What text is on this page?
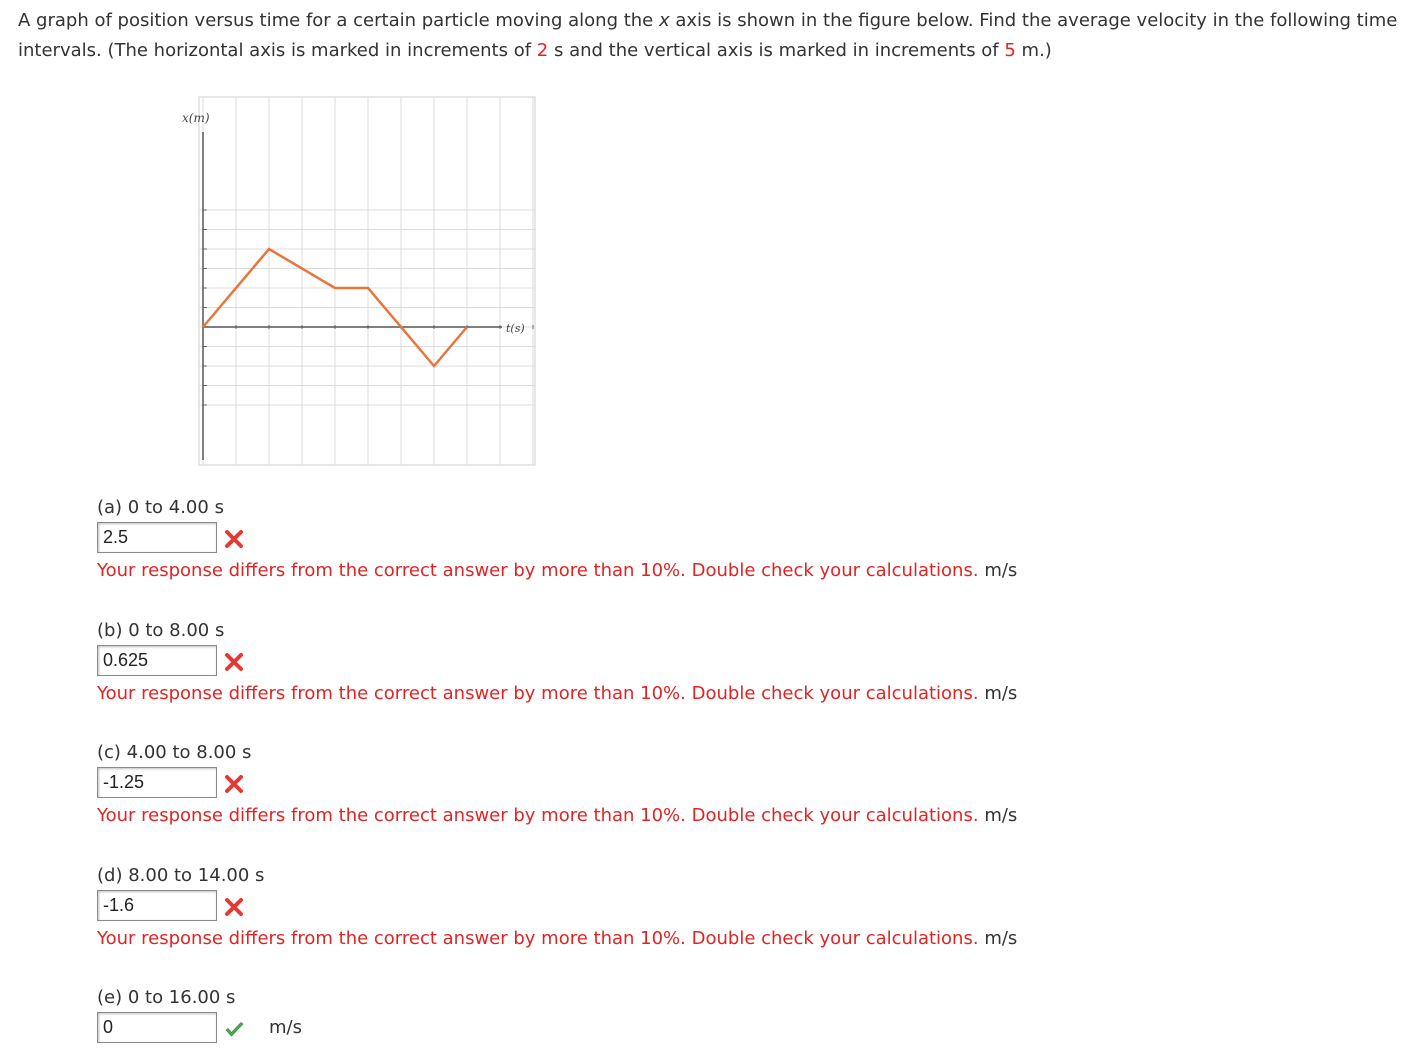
A graph of position versus time for a certain particle moving along the x axis is shown in the figure below. Find the average velocity in the following time intervals. (The horizontal axis is marked in increments of 2 s and the vertical axis is marked in increments of 5 m.)

x(m)
t(s)
(a) 0 to 4.00 s
2.5
Your response differs from the correct answer by more than 10%. Double check your calculations. m/s
(b) 0 to 8.00 s
0.625
Your response differs from the correct answer by more than 10%. Double check your calculations. m/s
(c) 4.00 to 8.00 s
-1.25
Your response differs from the correct answer by more than 10%. Double check your calculations. m/s
(d) 8.00 to 14.00 s
-1.6
Your response differs from the correct answer by more than 10%. Double check your calculations. m/s
(e) 0 to 16.00 s
0	m/s
